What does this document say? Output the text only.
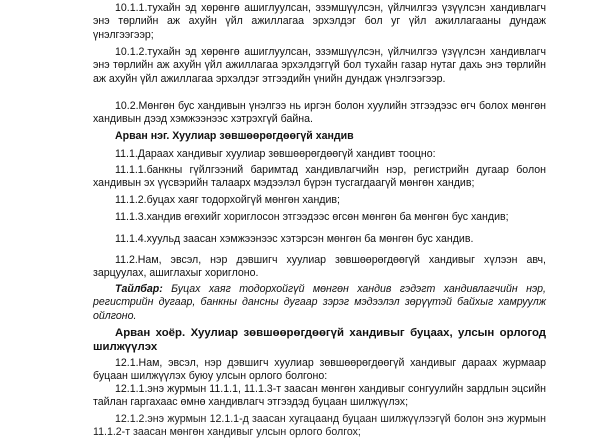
10.1.1.тухайн эд хөрөнгө ашиглуулсан, эзэмшүүлсэн, үйлчилгээ үзүүлсэн хандивлагч энэ төрлийн аж ахуйн үйл ажиллагаа эрхэлдэг бол уг үйл ажиллагааны дундаж үнэлгээгээр;

10.1.2.тухайн эд хөрөнгө ашиглуулсан, эзэмшүүлсэн, үйлчилгээ үзүүлсэн хандивлагч энэ төрлийн аж ахуйн үйл ажиллагаа эрхэлдэггүй бол тухайн газар нутаг дахь энэ төрлийн аж ахуйн үйл ажиллагаа эрхэлдэг этгээдийн үнийн дундаж үнэлгээгээр.

10.2.Мөнгөн бус хандивын үнэлгээ нь иргэн болон хуулийн этгээдээс өгч болох мөнгөн хандивын дээд хэмжээнээс хэтрэхгүй байна.

Арван нэг. Хуулиар зөвшөөрөгдөөгүй хандив

11.1.Дараах хандивыг хуулиар зөвшөөрөгдөөгүй хандивт тооцно:

11.1.1.банкны гүйлгээний баримтад хандивлагчийн нэр, регистрийн дугаар болон хандивын эх үүсвэрийн талаарх мэдээлэл бүрэн тусгагдаагүй мөнгөн хандив;

11.1.2.буцах хаяг тодорхойгүй мөнгөн хандив;

11.1.3.хандив өгөхийг хориглосон этгээдээс өгсөн мөнгөн ба мөнгөн бус хандив;

11.1.4.хуульд заасан хэмжээнээс хэтэрсэн мөнгөн ба мөнгөн бус хандив.

11.2.Нам, эвсэл, нэр дэвшигч хуулиар зөвшөөрөгдөөгүй хандивыг хүлээн авч, зарцуулах, ашиглахыг хориглоно.

Тайлбар: Буцах хаяг тодорхойгүй мөнгөн хандив гэдэгт хандивлагчийн нэр, регистрийн дугаар, банкны дансны дугаар зэрэг мэдээлэл зөрүүтэй байхыг хамруулж ойлгоно.

Арван хоёр. Хуулиар зөвшөөрөгдөөгүй хандивыг буцаах, улсын орлогод шилжүүлэх

12.1.Нам, эвсэл, нэр дэвшигч хуулиар зөвшөөрөгдөөгүй хандивыг дараах журмаар буцаан шилжүүлэх буюу улсын орлого болгоно:

12.1.1.энэ журмын 11.1.1, 11.1.3-т заасан мөнгөн хандивыг сонгуулийн зардлын эцсийн тайлан гаргахаас өмнө хандивлагч этгээдэд буцаан шилжүүлэх;

12.1.2.энэ журмын 12.1.1-д заасан хугацаанд буцаан шилжүүлээгүй болон энэ журмын 11.1.2-т заасан мөнгөн хандивыг улсын орлого болгох;
